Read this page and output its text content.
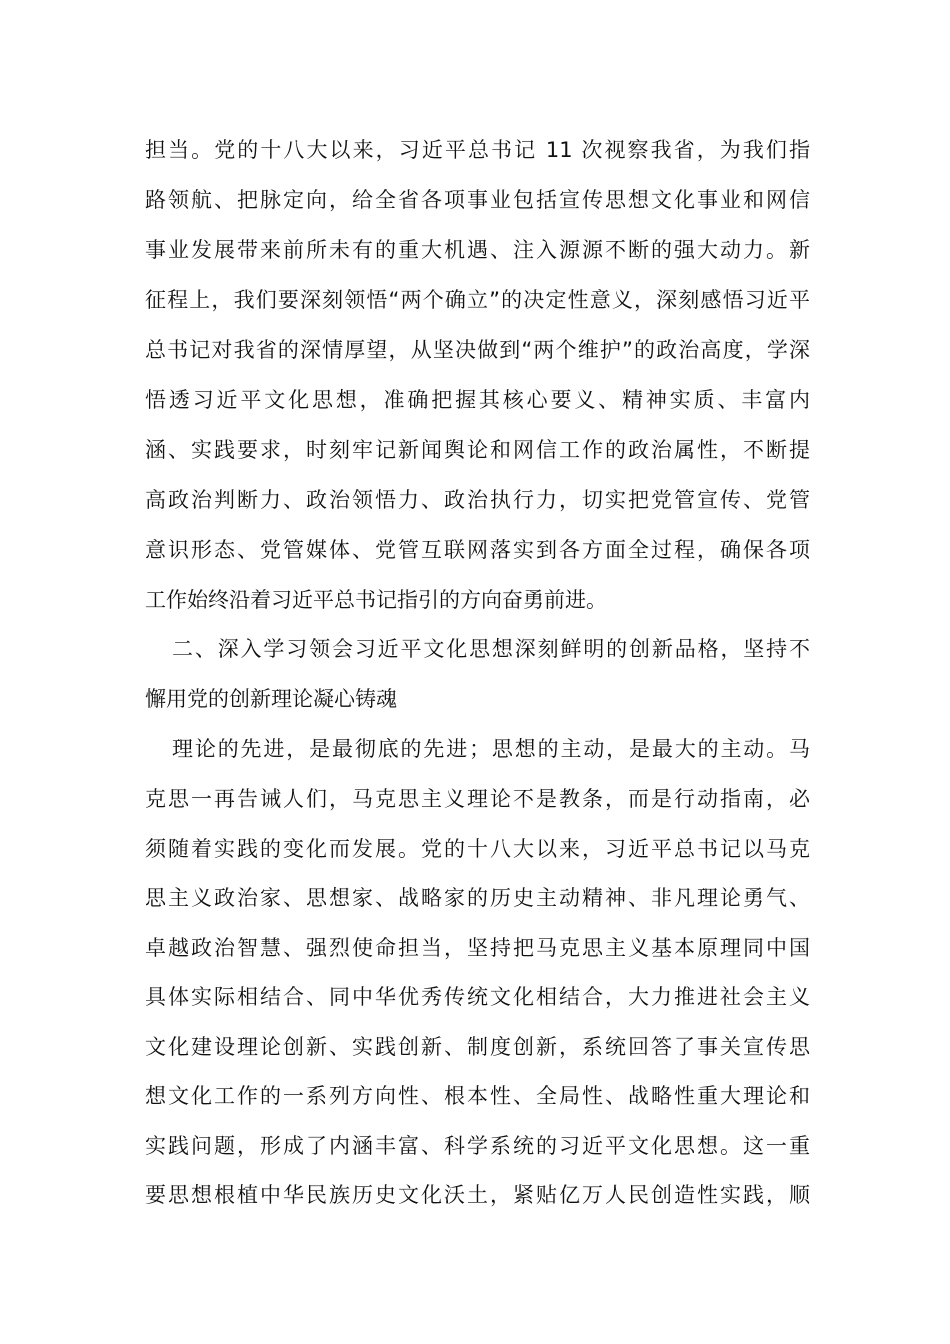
担当。党的十八大以来，习近平总书记 11 次视察我省，为我们指
路领航、把脉定向，给全省各项事业包括宣传思想文化事业和网信
事业发展带来前所未有的重大机遇、注入源源不断的强大动力。新
征程上，我们要深刻领悟“两个确立”的决定性意义，深刻感悟习近平
总书记对我省的深情厚望，从坚决做到“两个维护”的政治高度，学深
悟透习近平文化思想，准确把握其核心要义、精神实质、丰富内
涵、实践要求，时刻牢记新闻舆论和网信工作的政治属性，不断提
高政治判断力、政治领悟力、政治执行力，切实把党管宣传、党管
意识形态、党管媒体、党管互联网落实到各方面全过程，确保各项
工作始终沿着习近平总书记指引的方向奋勇前进。
二、深入学习领会习近平文化思想深刻鲜明的创新品格，坚持不
懈用党的创新理论凝心铸魂
理论的先进，是最彻底的先进；思想的主动，是最大的主动。马
克思一再告诫人们，马克思主义理论不是教条，而是行动指南，必
须随着实践的变化而发展。党的十八大以来，习近平总书记以马克
思主义政治家、思想家、战略家的历史主动精神、非凡理论勇气、
卓越政治智慧、强烈使命担当，坚持把马克思主义基本原理同中国
具体实际相结合、同中华优秀传统文化相结合，大力推进社会主义
文化建设理论创新、实践创新、制度创新，系统回答了事关宣传思
想文化工作的一系列方向性、根本性、全局性、战略性重大理论和
实践问题，形成了内涵丰富、科学系统的习近平文化思想。这一重
要思想根植中华民族历史文化沃土，紧贴亿万人民创造性实践，顺
